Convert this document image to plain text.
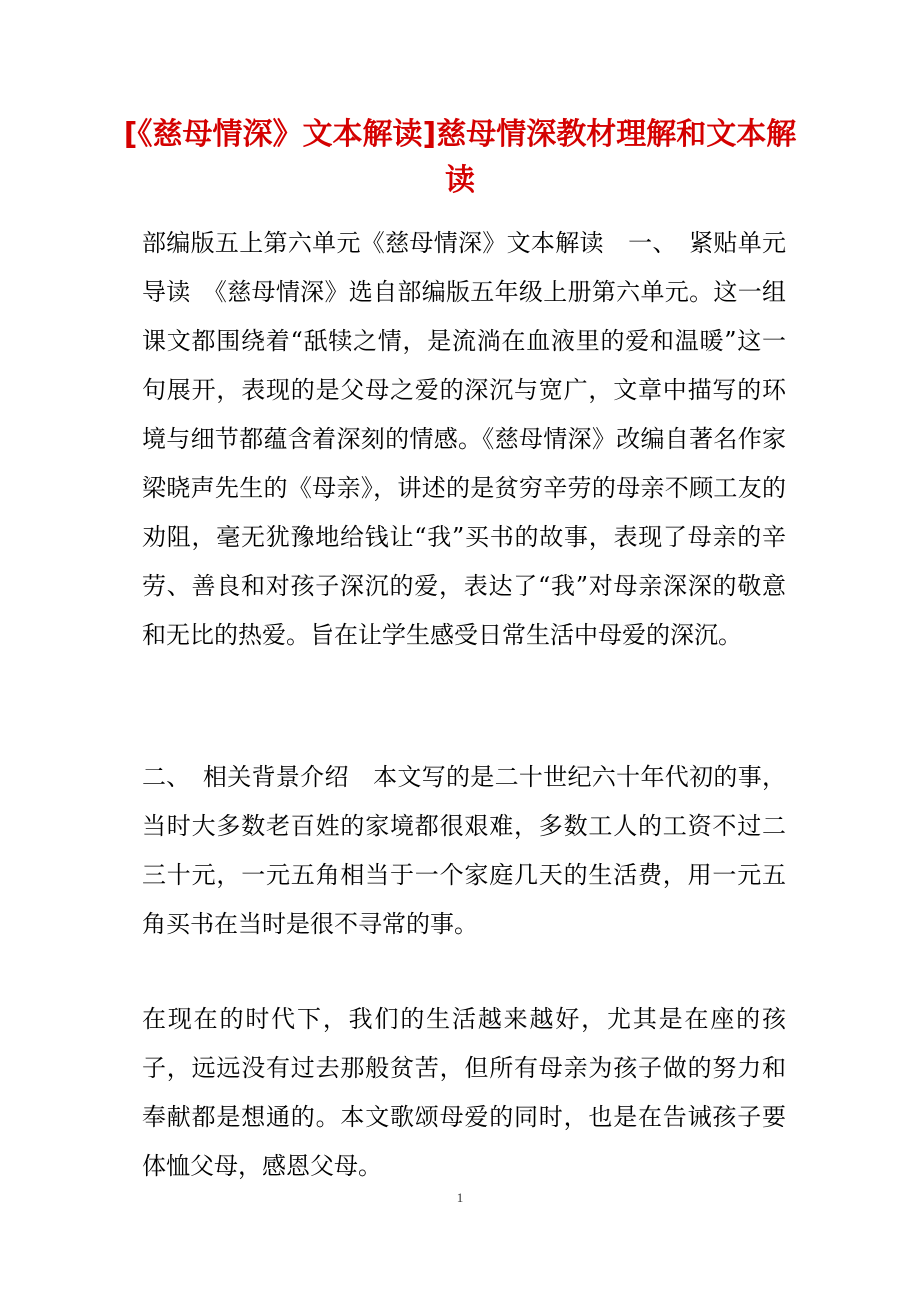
[《慈母情深》文本解读]慈母情深教材理解和文本解读

部编版五上第六单元《慈母情深》文本解读　一、　紧贴单元导读　《慈母情深》选自部编版五年级上册第六单元。这一组课文都围绕着“舐犊之情，是流淌在血液里的爱和温暖”这一句展开，表现的是父母之爱的深沉与宽广，文章中描写的环境与细节都蕴含着深刻的情感。《慈母情深》改编自著名作家梁晓声先生的《母亲》，讲述的是贫穷辛劳的母亲不顾工友的劝阻，毫无犹豫地给钱让“我”买书的故事，表现了母亲的辛劳、善良和对孩子深沉的爱，表达了“我”对母亲深深的敬意和无比的热爱。旨在让学生感受日常生活中母爱的深沉。

二、　相关背景介绍　本文写的是二十世纪六十年代初的事，当时大多数老百姓的家境都很艰难，多数工人的工资不过二三十元，一元五角相当于一个家庭几天的生活费，用一元五角买书在当时是很不寻常的事。

在现在的时代下，我们的生活越来越好，尤其是在座的孩子，远远没有过去那般贫苦，但所有母亲为孩子做的努力和奉献都是想通的。本文歌颂母爱的同时，也是在告诫孩子要体恤父母，感恩父母。

1
